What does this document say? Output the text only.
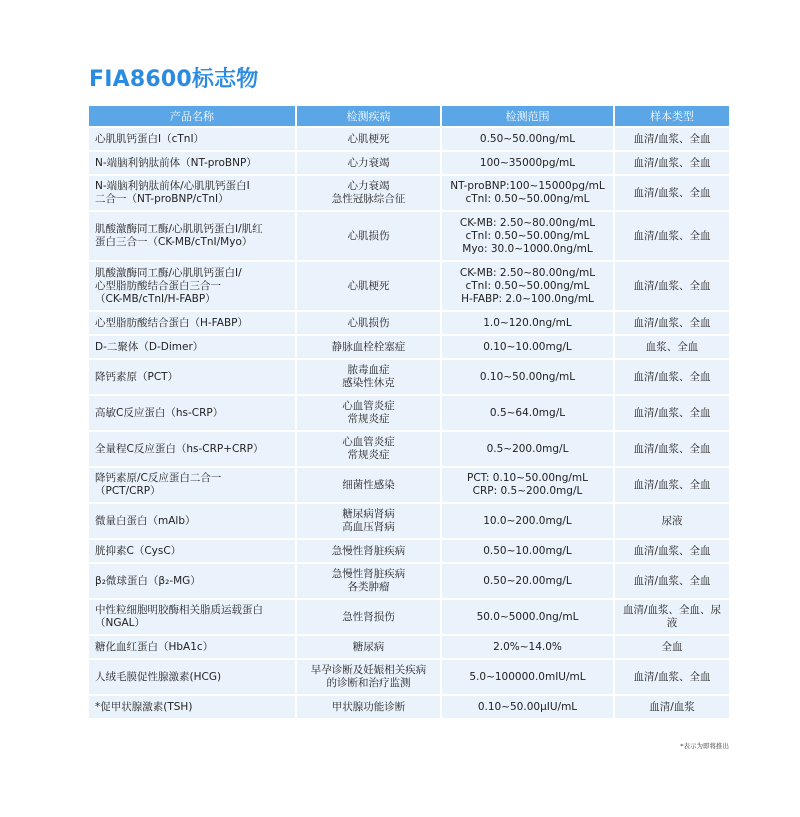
FIA8600标志物
产品名称	检测疾病	检测范围	样本类型

心肌肌钙蛋白I（cTnI）	心肌梗死	0.50~50.00ng/mL	血清/血浆、全血

N-端脑利钠肽前体（NT-proBNP）	心力衰竭	100~35000pg/mL	血清/血浆、全血

N-端脑利钠肽前体/心肌肌钙蛋白I
二合一（NT-proBNP/cTnI）	心力衰竭
急性冠脉综合征	NT-proBNP:100~15000pg/mL
cTnI: 0.50~50.00ng/mL	血清/血浆、全血

肌酸激酶同工酶/心肌肌钙蛋白I/肌红
蛋白三合一（CK-MB/cTnI/Myo）	心肌损伤	CK-MB: 2.50~80.00ng/mL
cTnI: 0.50~50.00ng/mL
Myo: 30.0~1000.0ng/mL	血清/血浆、全血

肌酸激酶同工酶/心肌肌钙蛋白I/
心型脂肪酸结合蛋白三合一
（CK-MB/cTnI/H-FABP）	心肌梗死	CK-MB: 2.50~80.00ng/mL
cTnI: 0.50~50.00ng/mL
H-FABP: 2.0~100.0ng/mL	血清/血浆、全血

心型脂肪酸结合蛋白（H-FABP）	心肌损伤	1.0~120.0ng/mL	血清/血浆、全血

D-二聚体（D-Dimer）	静脉血栓栓塞症	0.10~10.00mg/L	血浆、全血

降钙素原（PCT）	脓毒血症
感染性休克	0.10~50.00ng/mL	血清/血浆、全血

高敏C反应蛋白（hs-CRP）	心血管炎症
常规炎症	0.5~64.0mg/L	血清/血浆、全血

全量程C反应蛋白（hs-CRP+CRP）	心血管炎症
常规炎症	0.5~200.0mg/L	血清/血浆、全血

降钙素原/C反应蛋白二合一
（PCT/CRP）	细菌性感染	PCT: 0.10~50.00ng/mL
CRP: 0.5~200.0mg/L	血清/血浆、全血

微量白蛋白（mAlb）	糖尿病肾病
高血压肾病	10.0~200.0mg/L	尿液

胱抑素C（CysC）	急慢性肾脏疾病	0.50~10.00mg/L	血清/血浆、全血

β₂微球蛋白（β₂-MG）	急慢性肾脏疾病
各类肿瘤	0.50~20.00mg/L	血清/血浆、全血

中性粒细胞明胶酶相关脂质运载蛋白
（NGAL）	急性肾损伤	50.0~5000.0ng/mL	血清/血浆、全血、尿液

糖化血红蛋白（HbA1c）	糖尿病	2.0%~14.0%	全血

人绒毛膜促性腺激素(HCG)	早孕诊断及妊娠相关疾病
的诊断和治疗监测	5.0~100000.0mIU/mL	血清/血浆、全血

*促甲状腺激素(TSH)	甲状腺功能诊断	0.10~50.00μIU/mL	血清/血浆
*表示为即将推出
